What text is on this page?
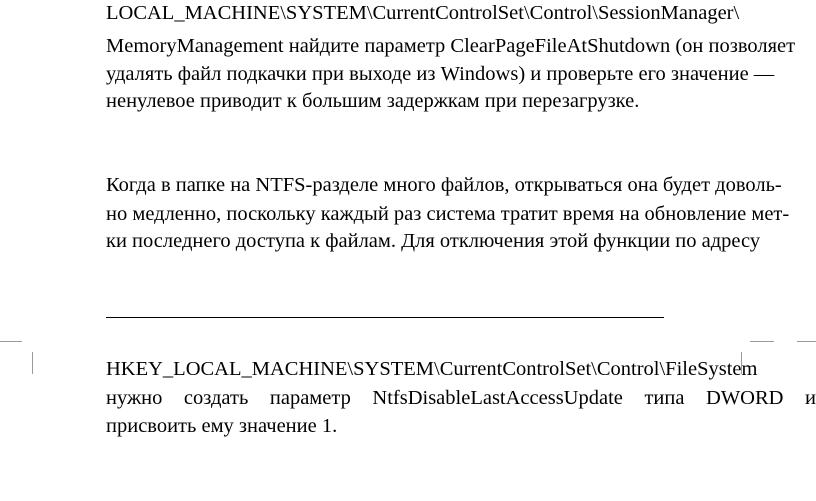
LOCAL_MACHINE\SYSTEM\CurrentControlSet\Control\SessionManager\
MemoryManagement найдите параметр ClearPageFileAtShutdown (он позволяет
удалять файл подкачки при выходе из Windows) и проверьте его значение —
ненулевое приводит к большим задержкам при перезагрузке.
Когда в папке на NTFS-разделе много файлов, открываться она будет доволь-
но медленно, поскольку каждый раз система тратит время на обновление мет-
ки последнего доступа к файлам. Для отключения этой функции по адресу
HKEY_LOCAL_MACHINE\SYSTEM\CurrentControlSet\Control\FileSystem
нужно создать параметр NtfsDisableLastAccessUpdate типа DWORD и
присвоить ему значение 1.
